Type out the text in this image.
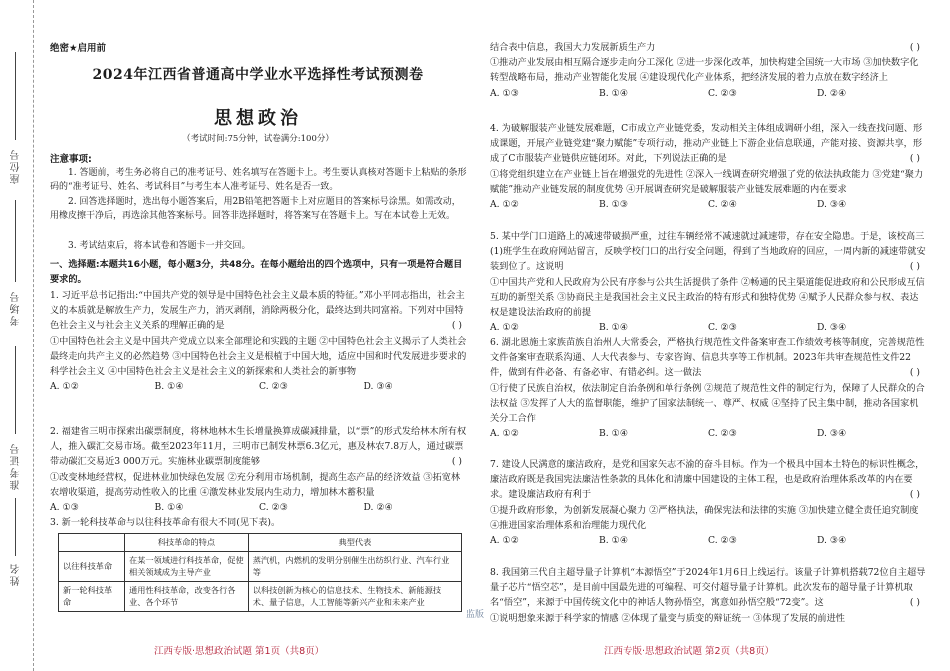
座位号
考场号
准考证号
姓名
绝密★启用前
2024年江西省普通高中学业水平选择性考试预测卷
思想政治
（考试时间:75分钟，试卷满分:100分）
注意事项:
1. 答题前，考生务必将自己的准考证号、姓名填写在答题卡上。考生要认真核对答题卡上粘贴的条形码的“准考证号、姓名、考试科目”与考生本人准考证号、姓名是否一致。
2. 回答选择题时，选出每小题答案后，用2B铅笔把答题卡上对应题目的答案标号涂黑。如需改动，用橡皮擦干净后，再选涂其他答案标号。回答非选择题时，将答案写在答题卡上。写在本试卷上无效。
3. 考试结束后，将本试卷和答题卡一并交回。
一、选择题:本题共16小题，每小题3分，共48分。在每小题给出的四个选项中，只有一项是符合题目要求的。

1. 习近平总书记指出:“中国共产党的领导是中国特色社会主义最本质的特征。”邓小平同志指出，社会主义的本质就是解放生产力，发展生产力，消灭剥削，消除两极分化，最终达到共同富裕。下列对中国特色社会主义与社会主义关系的理解正确的是	( )

①中国特色社会主义是中国共产党成立以来全部理论和实践的主题 ②中国特色社会主义揭示了人类社会最终走向共产主义的必然趋势 ③中国特色社会主义是根植于中国大地，适应中国和时代发展进步要求的科学社会主义 ④中国特色社会主义是社会主义的新探索和人类社会的新事物

A. ①②	B. ①④	C. ②③	D. ③④

2. 福建省三明市探索出碳票制度，将林地林木生长增量换算成碳减排量，以“票”的形式发给林木所有权人，推入碳汇交易市场。截至2023年11月，三明市已制发林票6.3亿元，惠及林农7.8万人，通过碳票带动碳汇交易近3 000万元。实施林业碳票制度能够	( )

①改变林地经营权，促进林业加快绿色发展 ②充分利用市场机制，提高生态产品的经济效益 ③拓宽林农增收渠道，提高劳动性收入的比重 ④激发林业发展内生动力，增加林木蓄积量

A. ①③	B. ①④	C. ②③	D. ②④

3. 新一轮科技革命与以往科技革命有很大不同(见下表)。

	科技革命的特点	典型代表
以往科技革命	在某一领域进行科技革命，促使相关领域成为主导产业	蒸汽机，内燃机的发明分别催生出纺织行业、汽车行业等
新一轮科技革命	通用性科技革命，改变各行各业、各个环节	以科技创新为核心的信息技术、生物技术、新能源技术、量子信息，人工智能等新兴产业和未来产业
江西专版·思想政治试题 第1页（共8页）

结合表中信息，我国大力发展新质生产力	( )

①推动产业发展由相互隔合逐步走向分工深化 ②进一步深化改革，加快构建全国统一大市场 ③加快数字化转型战略布局，推动产业智能化发展 ④建设现代化产业体系，把经济发展的着力点放在数字经济上

A. ①③	B. ①④	C. ②③	D. ②④

4. 为破解服装产业链发展难题，C市成立产业链党委，发动相关主体组成调研小组，深入一线查找问题、形成课题，开展产业链党建“聚力赋能”专项行动，推动产业链上下游企业信息联通，产能对接、资源共享，形成了C市服装产业链供应链闭环。对此，下列说法正确的是	( )

①将党组织建立在产业链上旨在增强党的先进性 ②深入一线调查研究增强了党的依法执政能力 ③党建“聚力赋能”推动产业链发展的制度优势 ④开展调查研究是破解服装产业链发展难题的内在要求

A. ①②	B. ①③	C. ②④	D. ③④

5. 某中学门口道路上的减速带破损严重，过往车辆经常不减速就过减速带，存在安全隐患。于是，该校高三(1)班学生在政府网站留言，反映学校门口的出行安全问题，得到了当地政府的回应，一周内新的减速带就安装到位了。这说明	( )

①中国共产党和人民政府为公民有序参与公共生活提供了条件 ②畅通的民主渠道能促进政府和公民形成互信互助的新型关系 ③协商民主是我国社会主义民主政治的特有形式和独特优势 ④赋予人民群众参与权、表达权是建设法治政府的前提

A. ①②	B. ①④	C. ②③	D. ③④

6. 湖北恩施土家族苗族自治州人大常委会，严格执行规范性文件备案审查工作绩效考核等制度，完善规范性文件备案审查联系沟通、人大代表参与、专家咨询、信息共享等工作机制。2023年共审查规范性文件22件，做到有件必备、有备必审、有错必纠。这一做法	( )

①行使了民族自治权，依法制定自治条例和单行条例 ②规范了规范性文件的制定行为，保障了人民群众的合法权益 ③发挥了人大的监督职能，维护了国家法制统一、尊严、权威 ④坚持了民主集中制，推动各国家机关分工合作

A. ①②	B. ①④	C. ②③	D. ③④

7. 建设人民满意的廉洁政府，是党和国家矢志不渝的奋斗目标。作为一个极具中国本土特色的标识性概念，廉洁政府既是我国宪法廉洁性条款的具体化和清廉中国建设的主体工程，也是政府治理体系改革的内在要求。建设廉洁政府有利于	( )

①提升政府形象，为创新发展凝心聚力 ②严格执法，确保宪法和法律的实施 ③加快建立健全责任追究制度 ④推进国家治理体系和治理能力现代化

A. ①②	B. ①④	C. ②③	D. ③④

8. 我国第三代自主超导量子计算机“本源悟空”于2024年1月6日上线运行。该量子计算机搭载72位自主超导量子芯片“悟空芯”，是目前中国最先进的可编程、可交付超导量子计算机。此次发布的超导量子计算机取名“悟空”，来源于中国传统文化中的神话人物孙悟空，寓意如孙悟空般“72变”。这	( )

①说明想象来源于科学家的情感 ②体现了量变与质变的辩证统一 ③体现了发展的前进性

监版
江西专版·思想政治试题 第2页（共8页）
